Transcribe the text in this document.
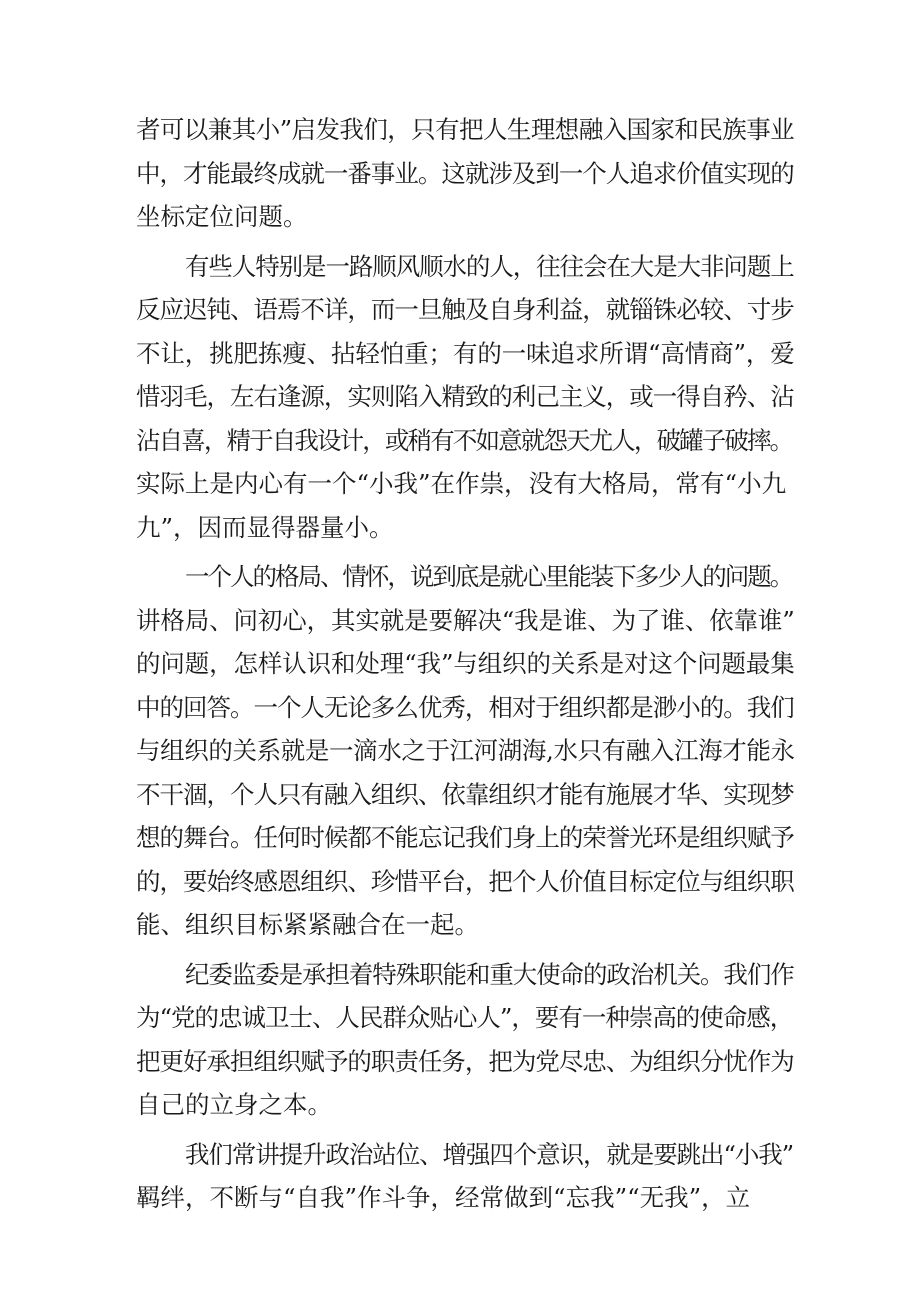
者可以兼其小”启发我们，只有把人生理想融入国家和民族事业
中，才能最终成就一番事业。这就涉及到一个人追求价值实现的
坐标定位问题。
有些人特别是一路顺风顺水的人，往往会在大是大非问题上
反应迟钝、语焉不详，而一旦触及自身利益，就锱铢必较、寸步
不让，挑肥拣瘦、拈轻怕重；有的一味追求所谓“高情商”，爱
惜羽毛，左右逢源，实则陷入精致的利己主义，或一得自矜、沾
沾自喜，精于自我设计，或稍有不如意就怨天尤人，破罐子破摔。
实际上是内心有一个“小我”在作祟，没有大格局，常有“小九
九”，因而显得器量小。
一个人的格局、情怀，说到底是就心里能装下多少人的问题。
讲格局、问初心，其实就是要解决“我是谁、为了谁、依靠谁”
的问题，怎样认识和处理“我”与组织的关系是对这个问题最集
中的回答。一个人无论多么优秀，相对于组织都是渺小的。我们
与组织的关系就是一滴水之于江河湖海,水只有融入江海才能永
不干涸，个人只有融入组织、依靠组织才能有施展才华、实现梦
想的舞台。任何时候都不能忘记我们身上的荣誉光环是组织赋予
的，要始终感恩组织、珍惜平台，把个人价值目标定位与组织职
能、组织目标紧紧融合在一起。
纪委监委是承担着特殊职能和重大使命的政治机关。我们作
为“党的忠诚卫士、人民群众贴心人”，要有一种崇高的使命感，
把更好承担组织赋予的职责任务，把为党尽忠、为组织分忧作为
自己的立身之本。
我们常讲提升政治站位、增强四个意识，就是要跳出“小我”
羁绊，不断与“自我”作斗争，经常做到“忘我”“无我”，立
